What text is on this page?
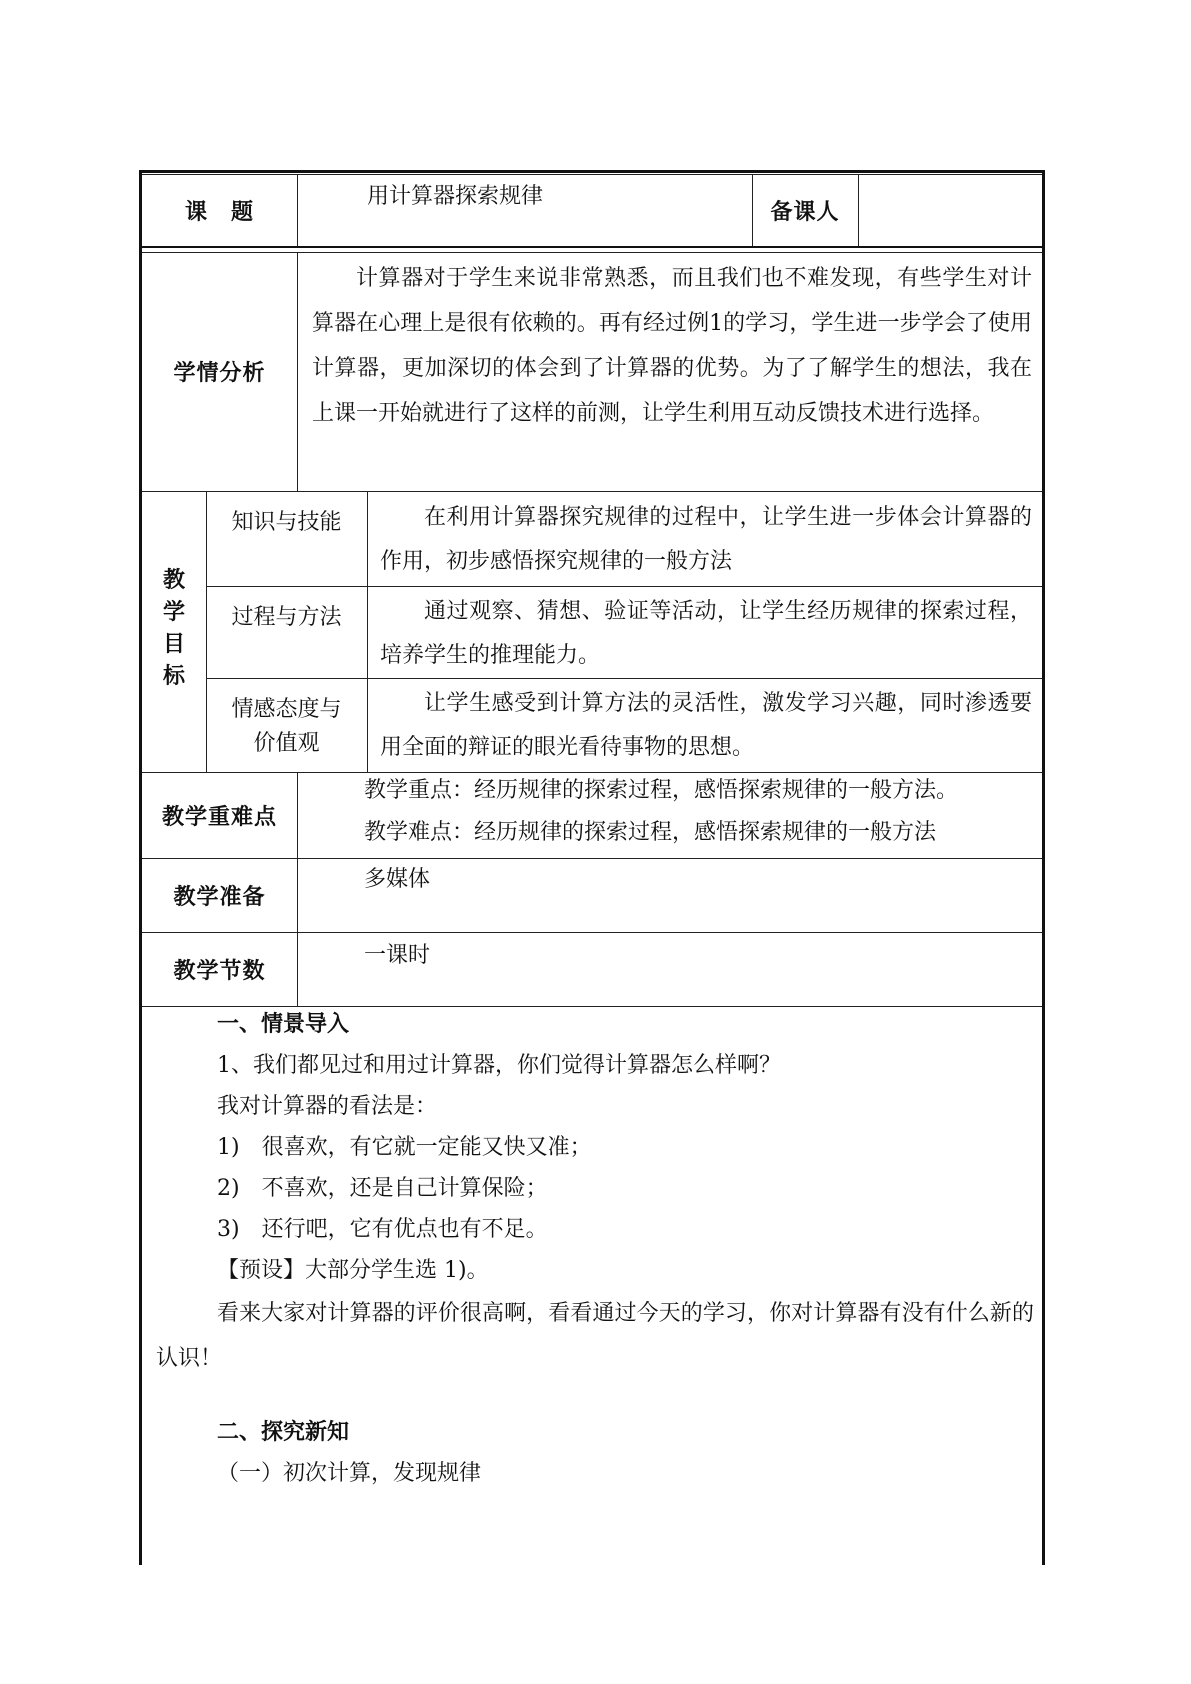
课　题
用计算器探索规律
备课人
学情分析
计算器对于学生来说非常熟悉，而且我们也不难发现，有些学生对计算器在心理上是很有依赖的。再有经过例1的学习，学生进一步学会了使用计算器，更加深切的体会到了计算器的优势。为了了解学生的想法，我在上课一开始就进行了这样的前测，让学生利用互动反馈技术进行选择。
教学目标
知识与技能	在利用计算器探究规律的过程中，让学生进一步体会计算器的作用，初步感悟探究规律的一般方法
过程与方法	通过观察、猜想、验证等活动，让学生经历规律的探索过程，培养学生的推理能力。
情感态度与
价值观
让学生感受到计算方法的灵活性，激发学习兴趣，同时渗透要用全面的辩证的眼光看待事物的思想。
教学重难点
教学重点：经历规律的探索过程，感悟探索规律的一般方法。
教学难点：经历规律的探索过程，感悟探索规律的一般方法
教学准备
多媒体
教学节数
一课时
一、情景导入
1、我们都见过和用过计算器，你们觉得计算器怎么样啊？
我对计算器的看法是：
1)　很喜欢，有它就一定能又快又准；
2)　不喜欢，还是自己计算保险；
3)　还行吧，它有优点也有不足。
【预设】大部分学生选 1)。
看来大家对计算器的评价很高啊，看看通过今天的学习，你对计算器有没有什么新的认识！
二、探究新知
（一）初次计算，发现规律
